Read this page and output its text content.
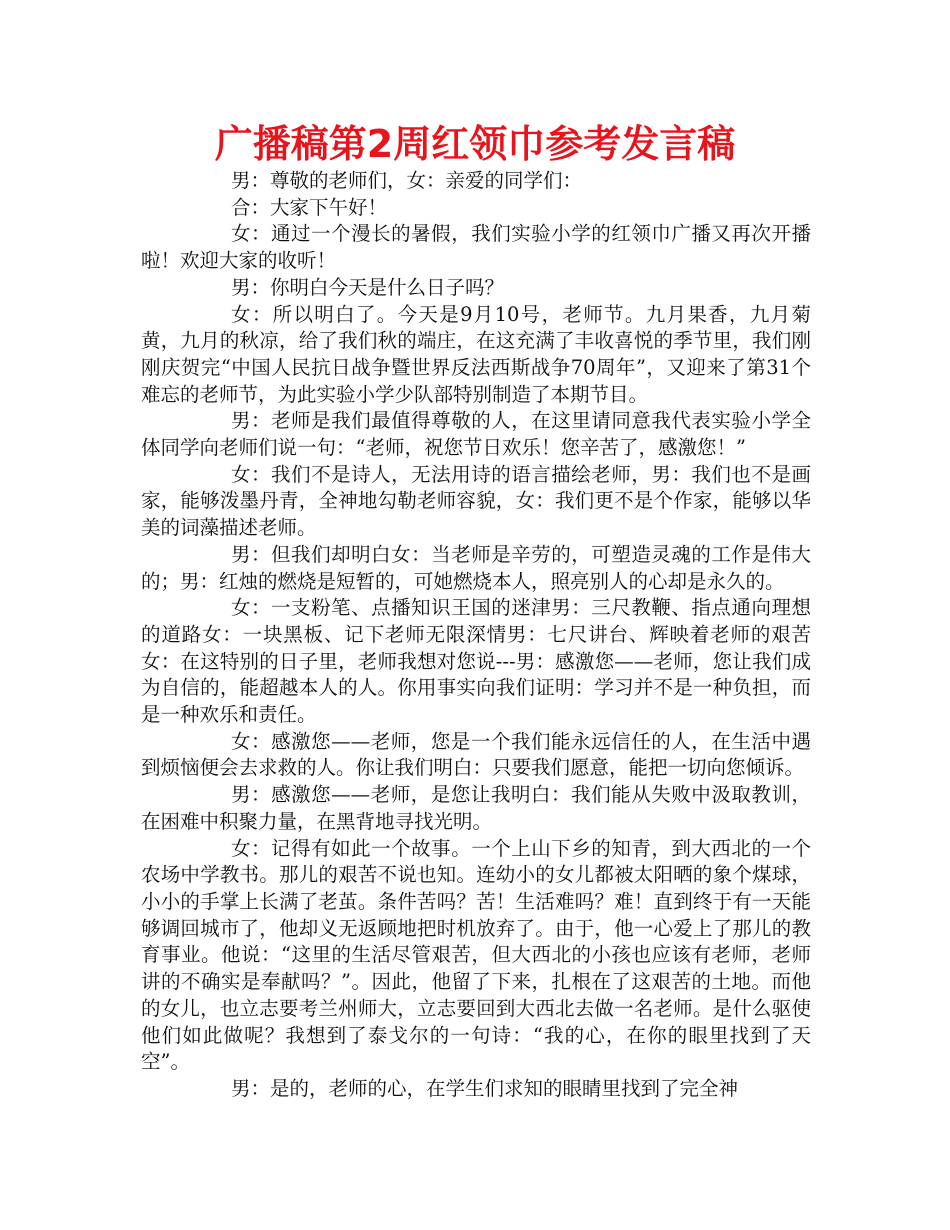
广播稿第2周红领巾参考发言稿

男：尊敬的老师们，女：亲爱的同学们：

合：大家下午好！

女：通过一个漫长的暑假，我们实验小学的红领巾广播又再次开播啦！欢迎大家的收听！

男：你明白今天是什么日子吗？

女：所以明白了。今天是9月10号，老师节。九月果香，九月菊黄，九月的秋凉，给了我们秋的端庄，在这充满了丰收喜悦的季节里，我们刚刚庆贺完“中国人民抗日战争暨世界反法西斯战争70周年”，又迎来了第31个难忘的老师节，为此实验小学少队部特别制造了本期节目。

男：老师是我们最值得尊敬的人，在这里请同意我代表实验小学全体同学向老师们说一句：“老师，祝您节日欢乐！您辛苦了，感激您！”

女：我们不是诗人，无法用诗的语言描绘老师，男：我们也不是画家，能够泼墨丹青，全神地勾勒老师容貌，女：我们更不是个作家，能够以华美的词藻描述老师。

男：但我们却明白女：当老师是辛劳的，可塑造灵魂的工作是伟大的；男：红烛的燃烧是短暂的，可她燃烧本人，照亮别人的心却是永久的。

女：一支粉笔、点播知识王国的迷津男：三尺教鞭、指点通向理想的道路女：一块黑板、记下老师无限深情男：七尺讲台、辉映着老师的艰苦女：在这特别的日子里，老师我想对您说---男：感激您——老师，您让我们成为自信的，能超越本人的人。你用事实向我们证明：学习并不是一种负担，而是一种欢乐和责任。

女：感激您——老师，您是一个我们能永远信任的人，在生活中遇到烦恼便会去求救的人。你让我们明白：只要我们愿意，能把一切向您倾诉。

男：感激您——老师，是您让我明白：我们能从失败中汲取教训，在困难中积聚力量，在黑背地寻找光明。

女：记得有如此一个故事。一个上山下乡的知青，到大西北的一个农场中学教书。那儿的艰苦不说也知。连幼小的女儿都被太阳晒的象个煤球，小小的手掌上长满了老茧。条件苦吗？苦！生活难吗？难！直到终于有一天能够调回城市了，他却义无返顾地把时机放弃了。由于，他一心爱上了那儿的教育事业。他说：“这里的生活尽管艰苦，但大西北的小孩也应该有老师，老师讲的不确实是奉献吗？”。因此，他留了下来，扎根在了这艰苦的土地。而他的女儿，也立志要考兰州师大，立志要回到大西北去做一名老师。是什么驱使他们如此做呢？我想到了泰戈尔的一句诗：“我的心，在你的眼里找到了天空”。

男：是的，老师的心，在学生们求知的眼睛里找到了完全神
